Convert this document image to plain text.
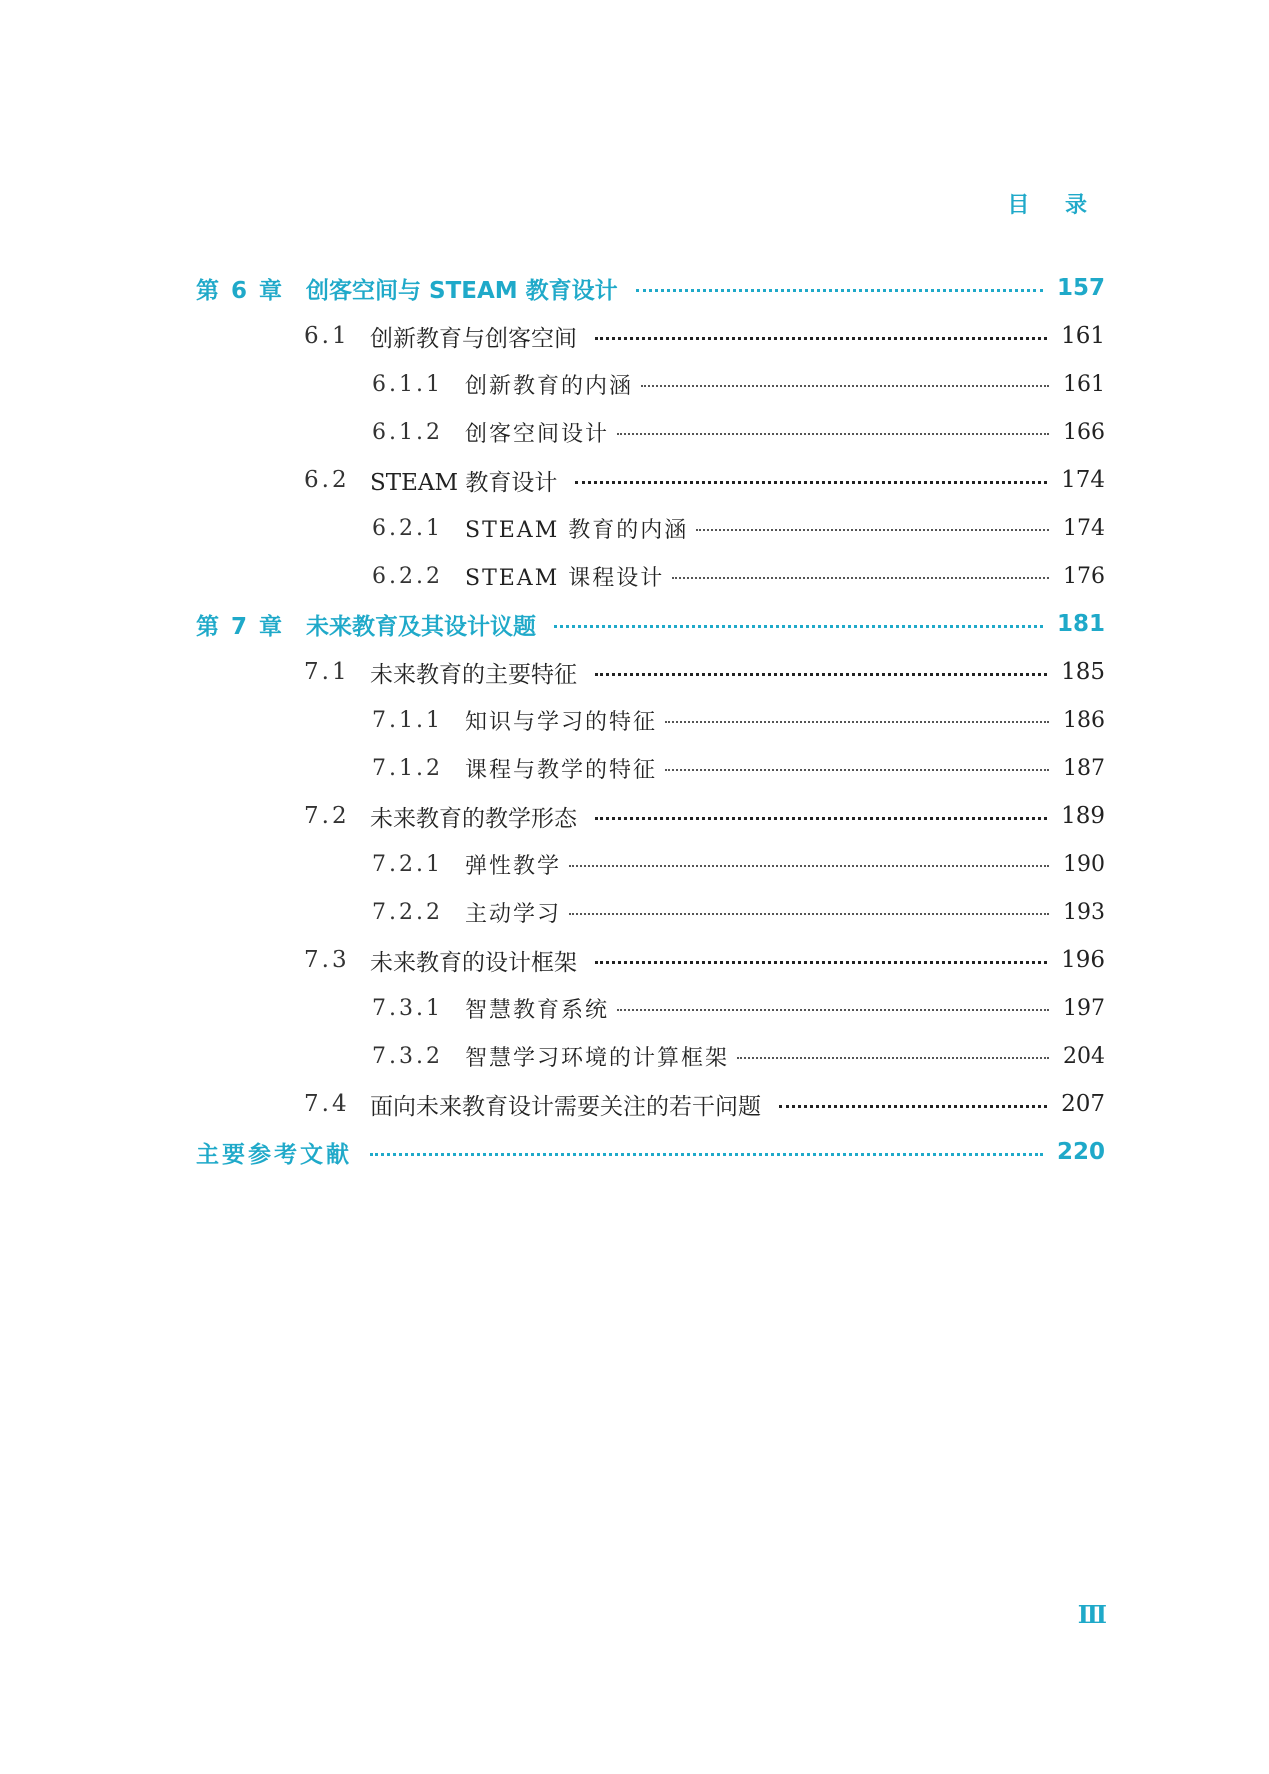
目 录
第 6 章 创客空间与 STEAM 教育设计	157
6.1 创新教育与创客空间	161
6.1.1	创新教育的内涵	161
6.1.2	创客空间设计	166
6.2 STEAM 教育设计	174
6.2.1	STEAM 教育的内涵	174
6.2.2	STEAM 课程设计	176
第 7 章 未来教育及其设计议题	181
7.1 未来教育的主要特征	185
7.1.1	知识与学习的特征	186
7.1.2	课程与教学的特征	187
7.2 未来教育的教学形态	189
7.2.1	弹性教学	190
7.2.2	主动学习	193
7.3 未来教育的设计框架	196
7.3.1	智慧教育系统	197
7.3.2	智慧学习环境的计算框架	204
7.4 面向未来教育设计需要关注的若干问题	207
主要参考文献	220
Ⅲ
